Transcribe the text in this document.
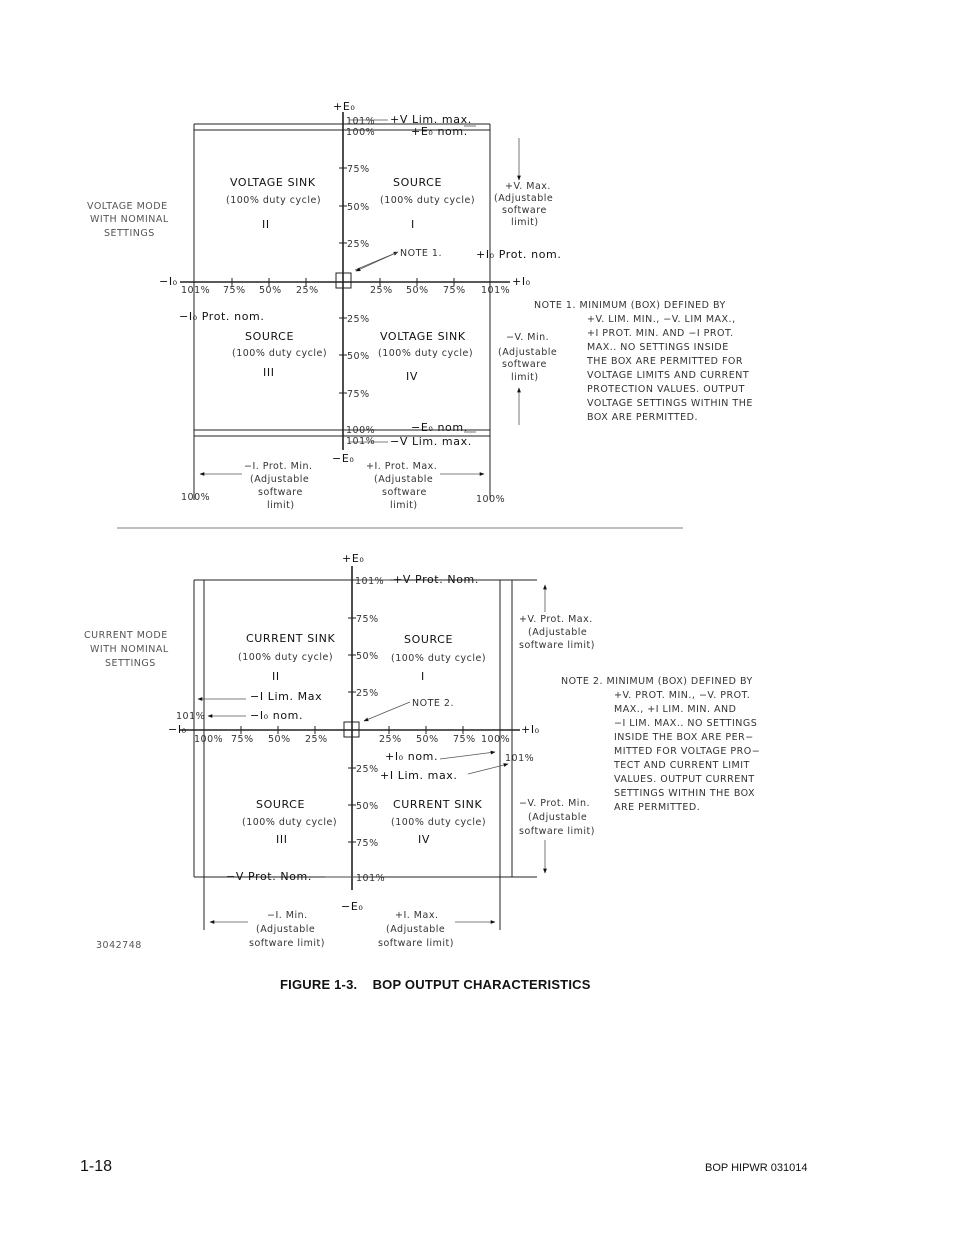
+E₀
101% +V Lim. max.
100%	+E₀ nom.
75%
50%
25%
25%
50%
75%
−I₀	+I₀
101% 75% 50% 25%	25% 50% 75% 101%
VOLTAGE SINK
(100% duty cycle)
II
SOURCE
(100% duty cycle)
I
SOURCE
(100% duty cycle)
III
VOLTAGE SINK
(100% duty cycle)
IV
NOTE 1.	+I₀ Prot. nom.
−I₀ Prot. nom.
VOLTAGE MODE
WITH NOMINAL
SETTINGS
+V. Max.
(Adjustable
software
limit)
−V. Min.
(Adjustable
software
limit)
100%	−E₀ nom.
101% −V Lim. max.
−E₀
−I. Prot. Min.
(Adjustable
software
limit)
+I. Prot. Max.
(Adjustable
software
limit)
100%	100%
NOTE 1. MINIMUM (BOX) DEFINED BY
+V. LIM. MIN., −V. LIM MAX.,
+I PROT. MIN. AND −I PROT.
MAX.. NO SETTINGS INSIDE
THE BOX ARE PERMITTED FOR
VOLTAGE LIMITS AND CURRENT
PROTECTION VALUES. OUTPUT
VOLTAGE SETTINGS WITHIN THE
BOX ARE PERMITTED.
+E₀
101% +V Prot. Nom.
75%
50%
25%
25%
50%
75%
−I₀	+I₀
100% 75% 50% 25%	25% 50% 75% 100%
CURRENT SINK
(100% duty cycle)
II
SOURCE
(100% duty cycle)
I
SOURCE
(100% duty cycle)
III
CURRENT SINK
(100% duty cycle)
IV
NOTE 2.
−I Lim. Max
−I₀ nom.
101%
+I₀ nom.
+I Lim. max.
101%
CURRENT MODE
WITH NOMINAL
SETTINGS
+V. Prot. Max.
(Adjustable
software limit)
−V. Prot. Min.
(Adjustable
software limit)
101%
−V Prot. Nom.
−E₀
−I. Min.
(Adjustable
software limit)
+I. Max.
(Adjustable
software limit)
NOTE 2. MINIMUM (BOX) DEFINED BY
+V. PROT. MIN., −V. PROT.
MAX., +I LIM. MIN. AND
−I LIM. MAX.. NO SETTINGS
INSIDE THE BOX ARE PER−
MITTED FOR VOLTAGE PRO−
TECT AND CURRENT LIMIT
VALUES. OUTPUT CURRENT
SETTINGS WITHIN THE BOX
ARE PERMITTED.
3042748
FIGURE 1-3.    BOP OUTPUT CHARACTERISTICS
1-18	BOP HIPWR 031014
